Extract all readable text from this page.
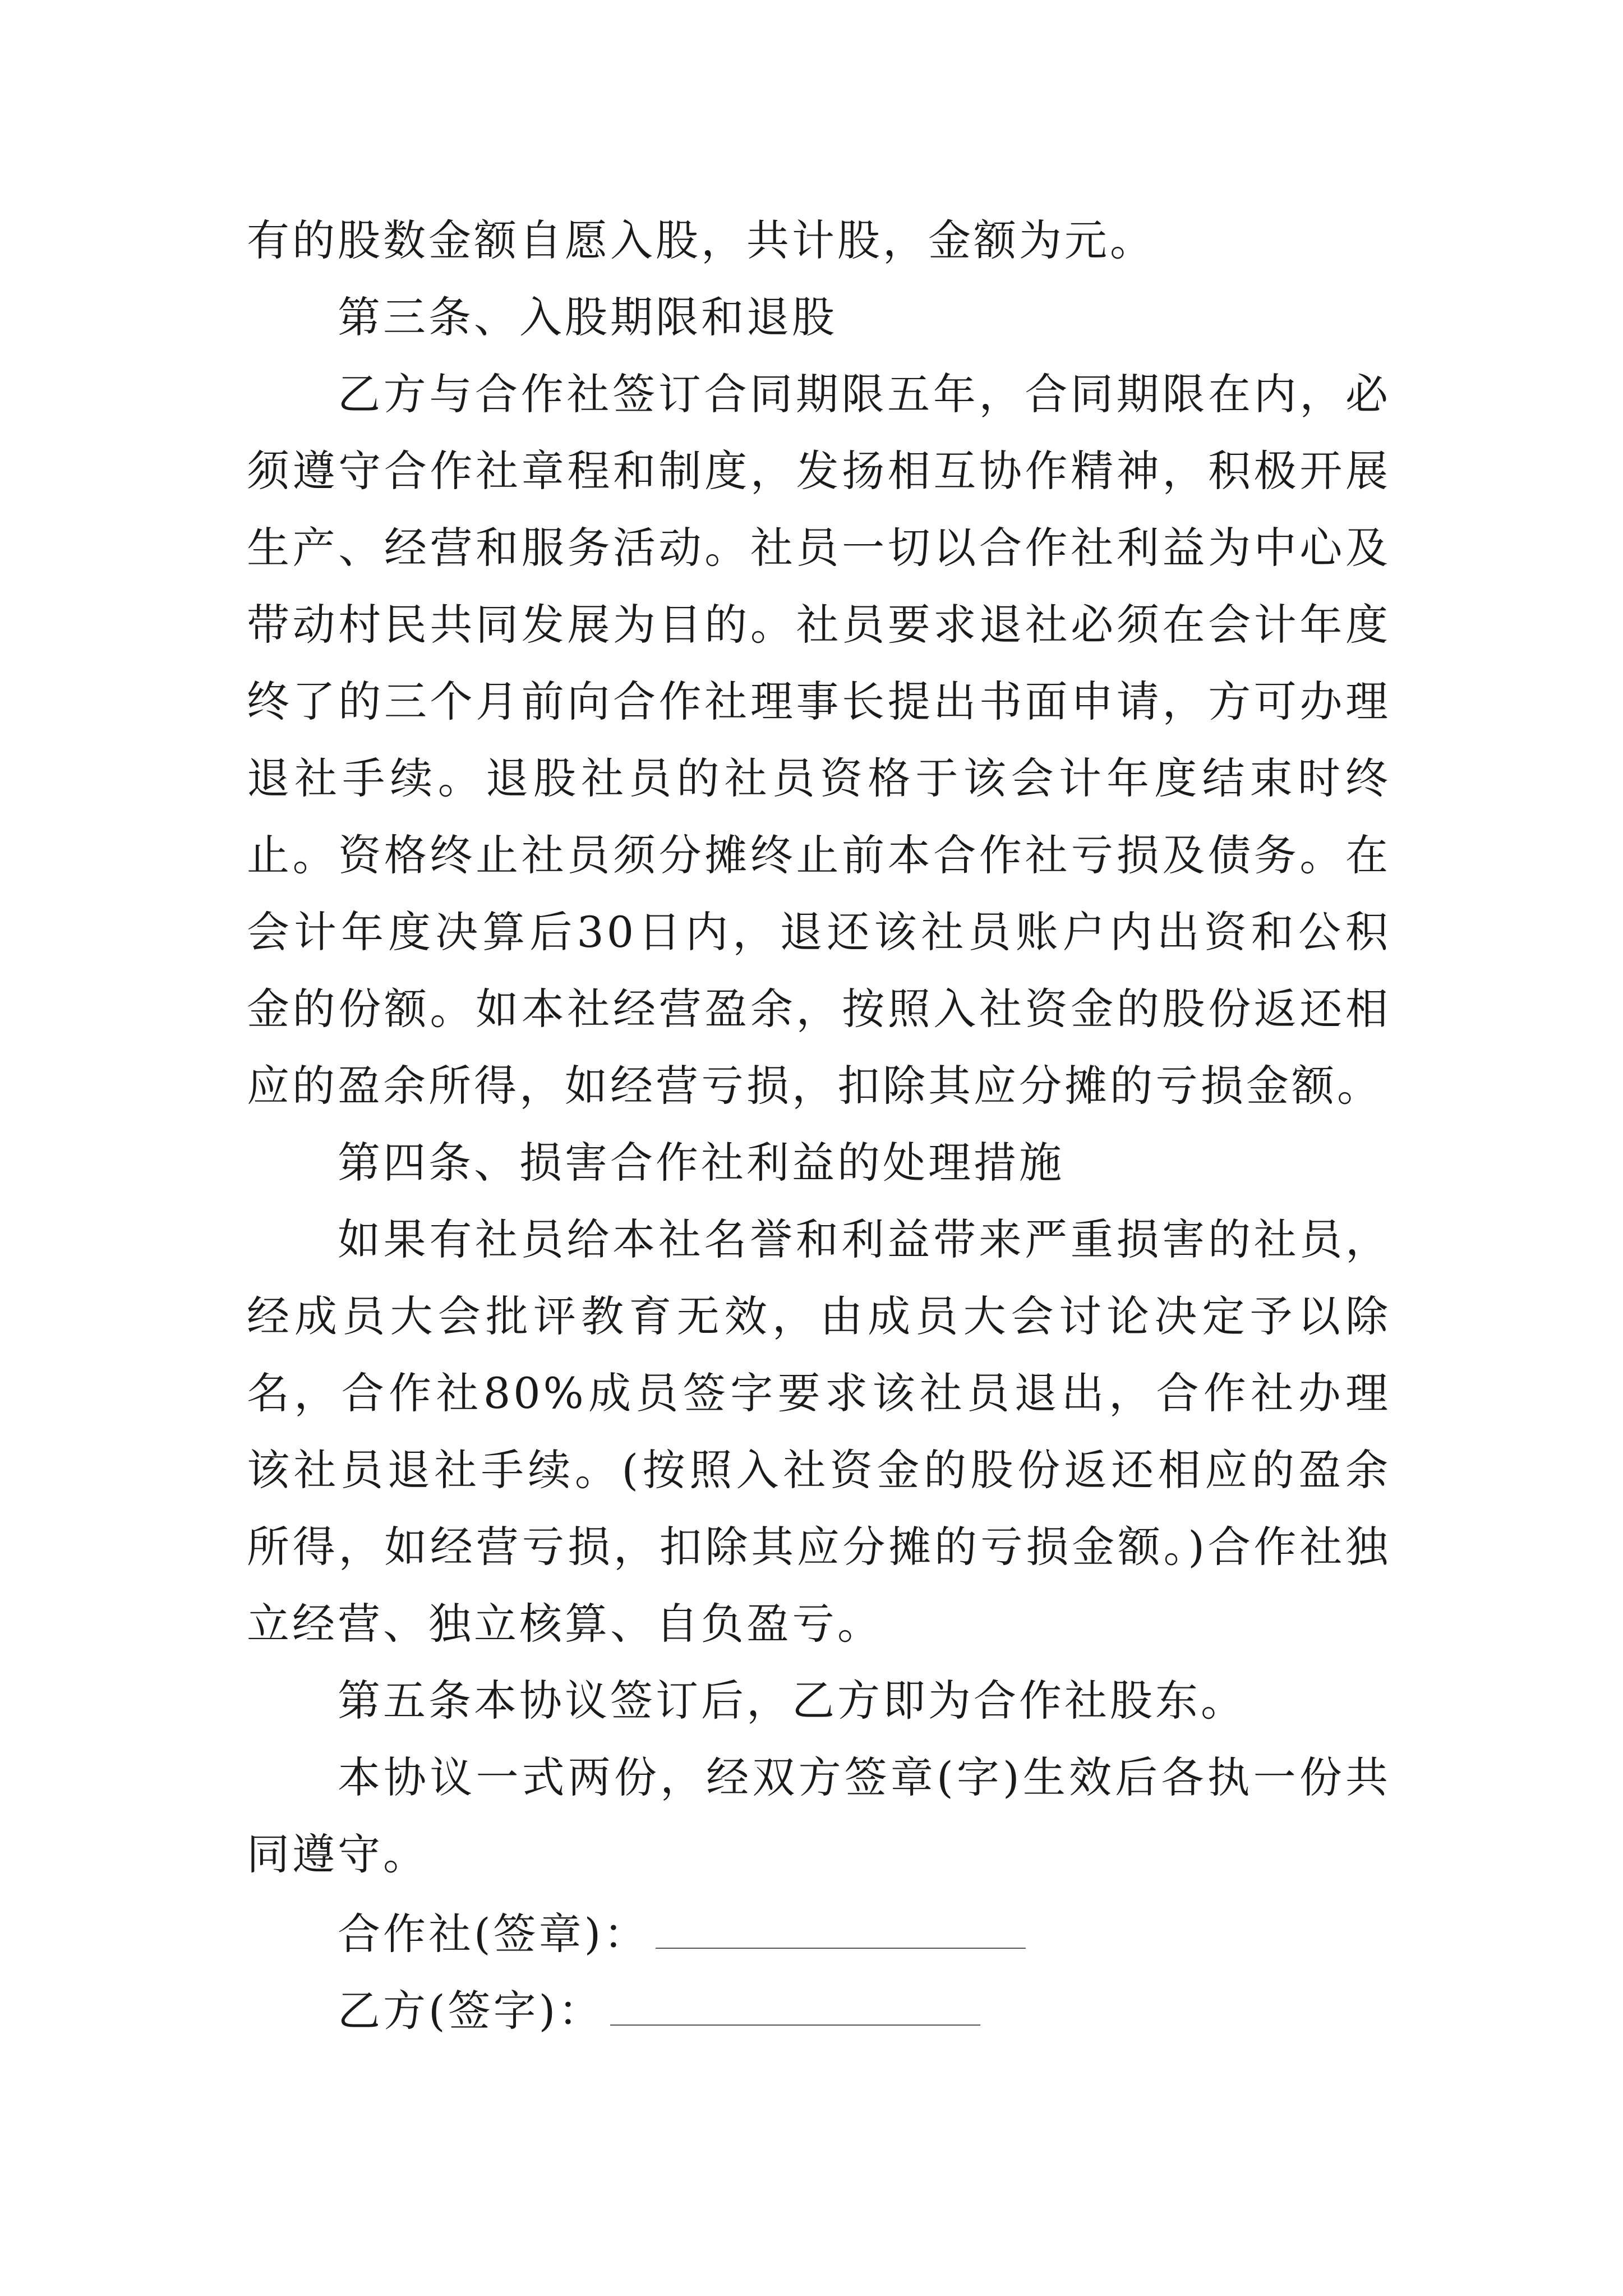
有的股数金额自愿入股，共计股，金额为元。

第三条、入股期限和退股

乙方与合作社签订合同期限五年，合同期限在内，必须遵守合作社章程和制度，发扬相互协作精神，积极开展生产、经营和服务活动。社员一切以合作社利益为中心及带动村民共同发展为目的。社员要求退社必须在会计年度终了的三个月前向合作社理事长提出书面申请，方可办理退社手续。退股社员的社员资格于该会计年度结束时终止。资格终止社员须分摊终止前本合作社亏损及债务。在会计年度决算后30日内，退还该社员账户内出资和公积金的份额。如本社经营盈余，按照入社资金的股份返还相应的盈余所得，如经营亏损，扣除其应分摊的亏损金额。

第四条、损害合作社利益的处理措施

如果有社员给本社名誉和利益带来严重损害的社员，经成员大会批评教育无效，由成员大会讨论决定予以除名，合作社80%成员签字要求该社员退出，合作社办理该社员退社手续。(按照入社资金的股份返还相应的盈余所得，如经营亏损，扣除其应分摊的亏损金额。)合作社独立经营、独立核算、自负盈亏。

第五条本协议签订后，乙方即为合作社股东。

本协议一式两份，经双方签章(字)生效后各执一份共同遵守。

合作社(签章)：
乙方(签字)：
